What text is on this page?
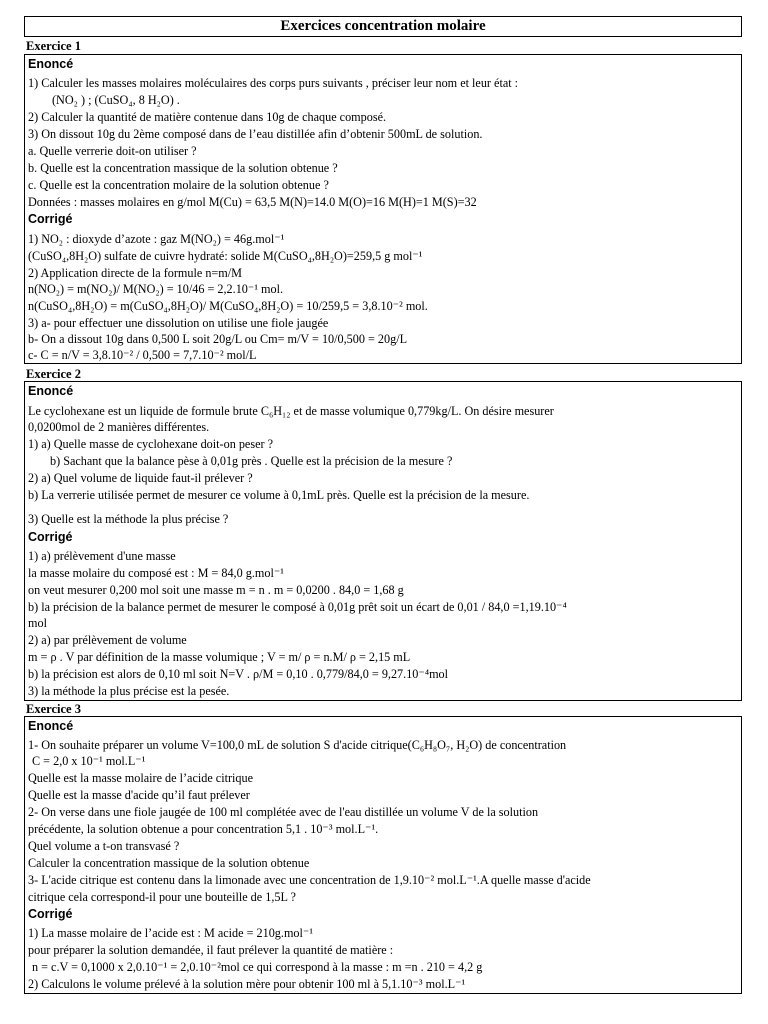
Exercices concentration molaire
Exercice 1
Enoncé
1) Calculer les masses molaires moléculaires des corps purs suivants , préciser leur nom et leur état :
(NO₂ ) ; (CuSO₄, 8 H₂O) .
2) Calculer la quantité de matière contenue dans 10g de chaque composé.
3) On dissout 10g du 2ème composé dans de l’eau distillée afin d’obtenir 500mL de solution.
a. Quelle verrerie doit-on utiliser ?
b. Quelle est la concentration massique de la solution obtenue ?
c. Quelle est la concentration molaire de la solution obtenue ?
Données : masses molaires en g/mol M(Cu) = 63,5 M(N)=14.0 M(O)=16 M(H)=1 M(S)=32
Corrigé
1) NO₂ : dioxyde d’azote : gaz M(NO₂) = 46g.mol⁻¹
(CuSO₄,8H₂O) sulfate de cuivre hydraté: solide M(CuSO₄,8H₂O)=259,5 g mol⁻¹
2) Application directe de la formule n=m/M
n(NO₂) = m(NO₂)/ M(NO₂) = 10/46 = 2,2.10⁻¹ mol.
n(CuSO₄,8H₂O) = m(CuSO₄,8H₂O)/ M(CuSO₄,8H₂O) = 10/259,5 = 3,8.10⁻² mol.
3) a- pour effectuer une dissolution on utilise une fiole jaugée
b- On a dissout 10g dans 0,500 L soit 20g/L ou Cm= m/V = 10/0,500 = 20g/L
c- C = n/V = 3,8.10⁻² / 0,500 = 7,7.10⁻² mol/L
Exercice 2
Enoncé
Le cyclohexane est un liquide de formule brute C₆H₁₂ et de masse volumique 0,779kg/L. On désire mesurer
0,0200mol de 2 manières différentes.
1) a) Quelle masse de cyclohexane doit-on peser ?
b) Sachant que la balance pèse à 0,01g près . Quelle est la précision de la mesure ?
2) a) Quel volume de liquide faut-il prélever ?
b) La verrerie utilisée permet de mesurer ce volume à 0,1mL près. Quelle est la précision de la mesure.
3) Quelle est la méthode la plus précise ?
Corrigé
1) a) prélèvement d'une masse
la masse molaire du composé est : M = 84,0 g.mol⁻¹
on veut mesurer 0,200 mol soit une masse m = n . m = 0,0200 . 84,0 = 1,68 g
b) la précision de la balance permet de mesurer le composé à 0,01g prêt soit un écart de 0,01 / 84,0 =1,19.10⁻⁴
mol
2) a) par prélèvement de volume
m = ρ . V par définition de la masse volumique ; V = m/ ρ = n.M/ ρ = 2,15 mL
b) la précision est alors de 0,10 ml soit N=V . ρ/M = 0,10 . 0,779/84,0 = 9,27.10⁻⁴mol
3) la méthode la plus précise est la pesée.
Exercice 3
Enoncé
1- On souhaite préparer un volume V=100,0 mL de solution S d'acide citrique(C₆H₈O₇, H₂O) de concentration
C = 2,0 x 10⁻¹ mol.L⁻¹
Quelle est la masse molaire de l’acide citrique
Quelle est la masse d'acide qu’il faut prélever
2- On verse dans une fiole jaugée de 100 ml complétée avec de l'eau distillée un volume V de la solution
précédente, la solution obtenue a pour concentration 5,1 . 10⁻³ mol.L⁻¹.
Quel volume a t-on transvasé ?
Calculer la concentration massique de la solution obtenue
3- L'acide citrique est contenu dans la limonade avec une concentration de 1,9.10⁻² mol.L⁻¹.A quelle masse d'acide
citrique cela correspond-il pour une bouteille de 1,5L ?
Corrigé
1) La masse molaire de l’acide est : M acide = 210g.mol⁻¹
pour préparer la solution demandée, il faut prélever la quantité de matière :
n = c.V = 0,1000 x 2,0.10⁻¹ = 2,0.10⁻²mol ce qui correspond à la masse : m =n . 210 = 4,2 g
2) Calculons le volume prélevé à la solution mère pour obtenir 100 ml à 5,1.10⁻³ mol.L⁻¹
